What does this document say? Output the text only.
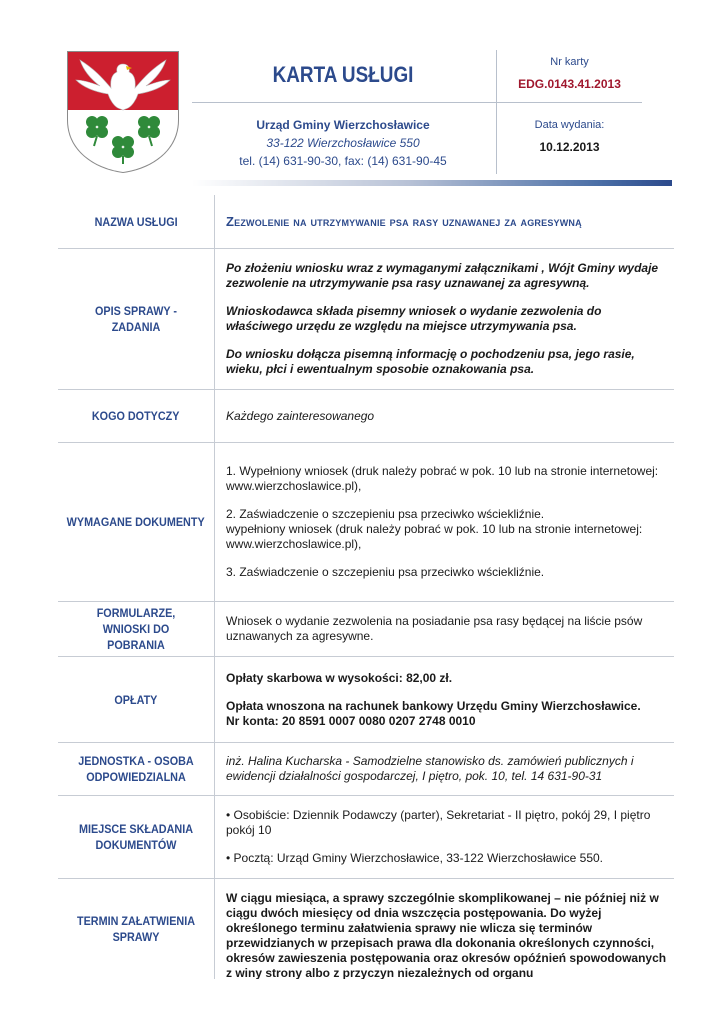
KARTA USŁUGI
Urząd Gminy Wierzchosławice
33-122 Wierzchosławice 550
tel. (14) 631-90-30, fax: (14) 631-90-45
Nr karty
EDG.0143.41.2013
Data wydania:
10.12.2013
NAZWA USŁUGI	Zezwolenie na utrzymywanie psa rasy uznawanej za agresywną

OPIS SPRAWY - ZADANIA

Po złożeniu wniosku wraz z wymaganymi załącznikami , Wójt Gminy wydaje zezwolenie na utrzymywanie psa rasy uznawanej za agresywną.

Wnioskodawca składa pisemny wniosek o wydanie zezwolenia do właściwego urzędu ze względu na miejsce utrzymywania psa.

Do wniosku dołącza pisemną informację o pochodzeniu psa, jego rasie, wieku, płci i ewentualnym sposobie oznakowania psa.

KOGO DOTYCZY	Każdego zainteresowanego

WYMAGANE DOKUMENTY

1. Wypełniony wniosek (druk należy pobrać w pok. 10 lub na stronie internetowej: www.wierzchoslawice.pl),

2. Zaświadczenie o szczepieniu psa przeciwko wściekliźnie.

wypełniony wniosek (druk należy pobrać w pok. 10 lub na stronie internetowej: www.wierzchoslawice.pl),

3. Zaświadczenie o szczepieniu psa przeciwko wściekliźnie.

FORMULARZE, WNIOSKI DO POBRANIA

Wniosek o wydanie zezwolenia na posiadanie psa rasy będącej na liście psów uznawanych za agresywne.

OPŁATY

Opłaty skarbowa w wysokości: 82,00 zł.

Opłata wnoszona na rachunek bankowy Urzędu Gminy Wierzchosławice.

Nr konta: 20 8591 0007 0080 0207 2748 0010

JEDNOSTKA - OSOBA ODPOWIEDZIALNA

inż. Halina Kucharska - Samodzielne stanowisko ds. zamówień publicznych i ewidencji działalności gospodarczej, I piętro, pok. 10, tel. 14 631-90-31

MIEJSCE SKŁADANIA DOKUMENTÓW

• Osobiście: Dziennik Podawczy (parter), Sekretariat - II piętro, pokój 29, I piętro pokój 10

• Pocztą: Urząd Gminy Wierzchosławice, 33-122 Wierzchosławice 550.

TERMIN ZAŁATWIENIA SPRAWY

W ciągu miesiąca, a sprawy szczególnie skomplikowanej – nie później niż w ciągu dwóch miesięcy od dnia wszczęcia postępowania. Do wyżej określonego terminu załatwienia sprawy nie wlicza się terminów przewidzianych w przepisach prawa dla dokonania określonych czynności, okresów zawieszenia postępowania oraz okresów opóźnień spowodowanych z winy strony albo z przyczyn niezależnych od organu
